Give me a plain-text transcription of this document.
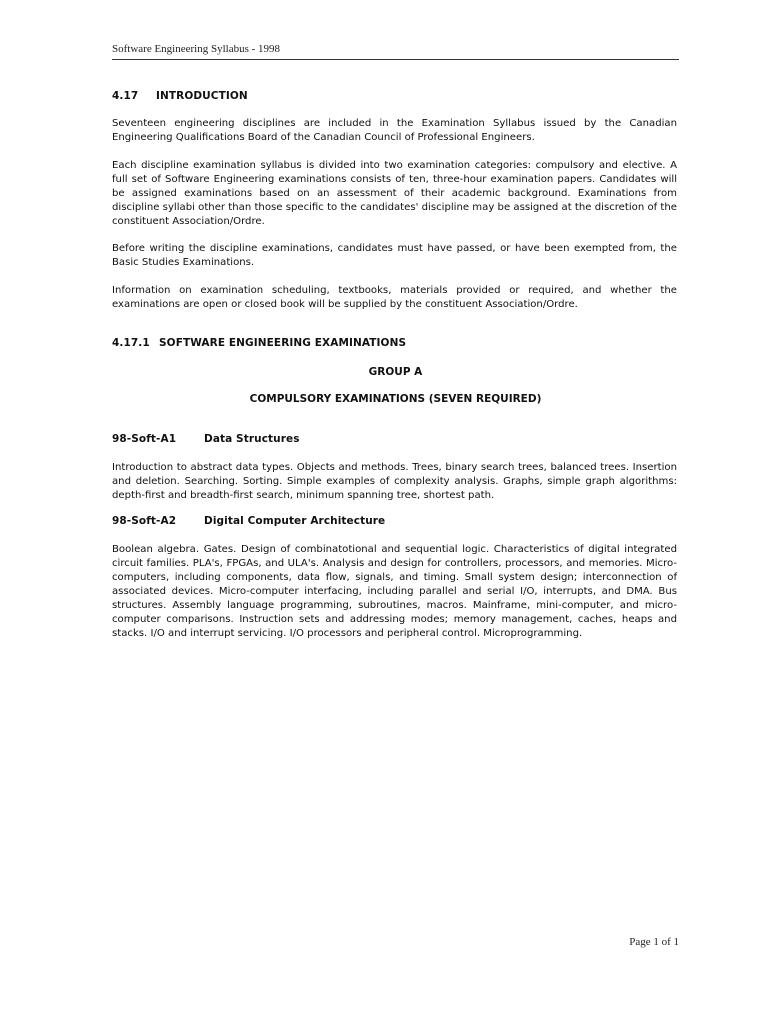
Software Engineering Syllabus - 1998
4.17 INTRODUCTION
Seventeen engineering disciplines are included in the Examination Syllabus issued by the Canadian Engineering Qualifications Board of the Canadian Council of Professional Engineers.
Each discipline examination syllabus is divided into two examination categories: compulsory and elective. A full set of Software Engineering examinations consists of ten, three-hour examination papers. Candidates will be assigned examinations based on an assessment of their academic background. Examinations from discipline syllabi other than those specific to the candidates' discipline may be assigned at the discretion of the constituent Association/Ordre.
Before writing the discipline examinations, candidates must have passed, or have been exempted from, the Basic Studies Examinations.
Information on examination scheduling, textbooks, materials provided or required, and whether the examinations are open or closed book will be supplied by the constituent Association/Ordre.
4.17.1 SOFTWARE ENGINEERING EXAMINATIONS
GROUP A
COMPULSORY EXAMINATIONS (SEVEN REQUIRED)
98-Soft-A1	Data Structures
Introduction to abstract data types. Objects and methods. Trees, binary search trees, balanced trees. Insertion and deletion. Searching. Sorting. Simple examples of complexity analysis. Graphs, simple graph algorithms: depth-first and breadth-first search, minimum spanning tree, shortest path.
98-Soft-A2	Digital Computer Architecture
Boolean algebra. Gates. Design of combinatotional and sequential logic. Characteristics of digital integrated circuit families. PLA's, FPGAs, and ULA's. Analysis and design for controllers, processors, and memories. Micro-computers, including components, data flow, signals, and timing. Small system design; interconnection of associated devices. Micro-computer interfacing, including parallel and serial I/O, interrupts, and DMA. Bus structures. Assembly language programming, subroutines, macros. Mainframe, mini-computer, and micro-computer comparisons. Instruction sets and addressing modes; memory management, caches, heaps and stacks. I/O and interrupt servicing. I/O processors and peripheral control. Microprogramming.
Page 1 of 1
